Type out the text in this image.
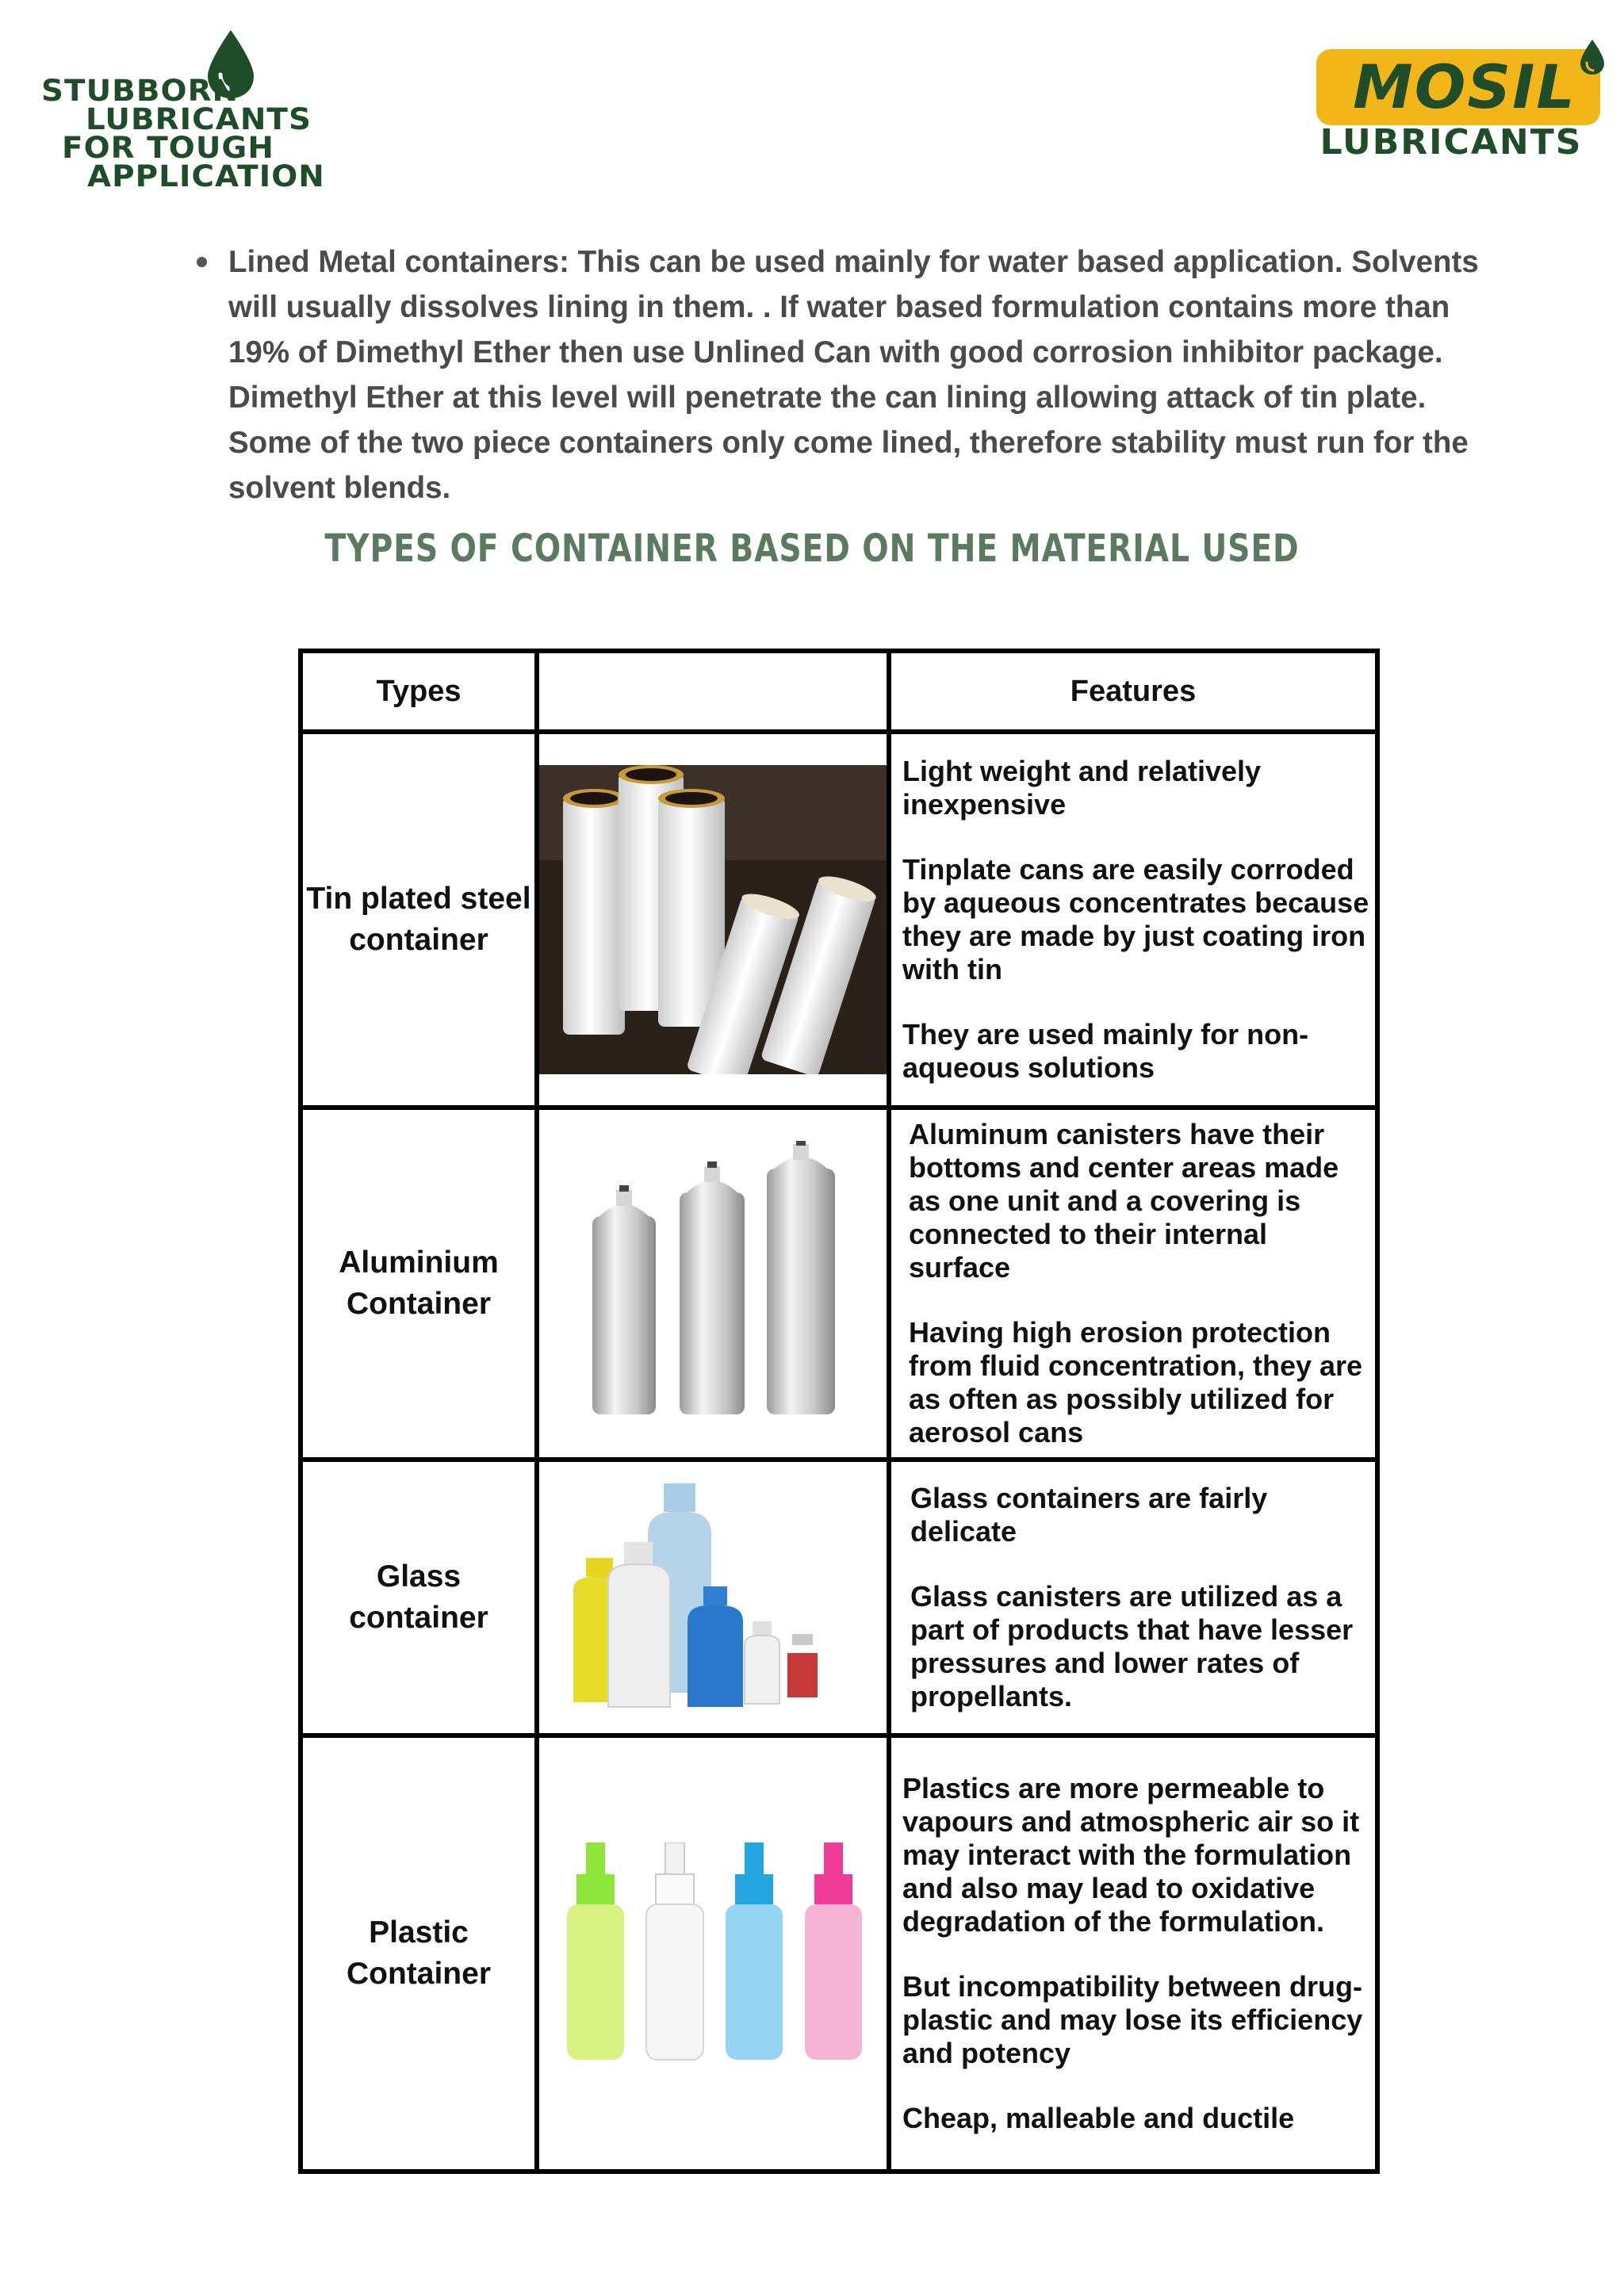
STUBBORN
LUBRICANTS
FOR TOUGH
APPLICATION
MOSIL
LUBRICANTS
Lined Metal containers: This can be used mainly for water based application. Solvents will usually dissolves lining in them. . If water based formulation contains more than 19% of Dimethyl Ether then use Unlined Can with good corrosion inhibitor package. Dimethyl Ether at this level will penetrate the can lining allowing attack of tin plate. Some of the two piece containers only come lined, therefore stability must run for the solvent blends.
TYPES OF CONTAINER BASED ON THE MATERIAL USED
Types	Features
Tin plated steel
container

Light weight and relatively inexpensive

Tinplate cans are easily corroded by aqueous concentrates because they are made by just coating iron with tin

They are used mainly for non-aqueous solutions

Aluminium
Container

Aluminum canisters have their bottoms and center areas made as one unit and a covering is connected to their internal surface

Having high erosion protection from fluid concentration, they are as often as possibly utilized for aerosol cans

Glass
container

Glass containers are fairly delicate

Glass canisters are utilized as a part of products that have lesser pressures and lower rates of propellants.

Plastic
Container

Plastics are more permeable to vapours and atmospheric air so it may interact with the formulation and also may lead to oxidative degradation of the formulation.

But incompatibility between drug- plastic and may lose its efficiency and potency

Cheap, malleable and ductile
